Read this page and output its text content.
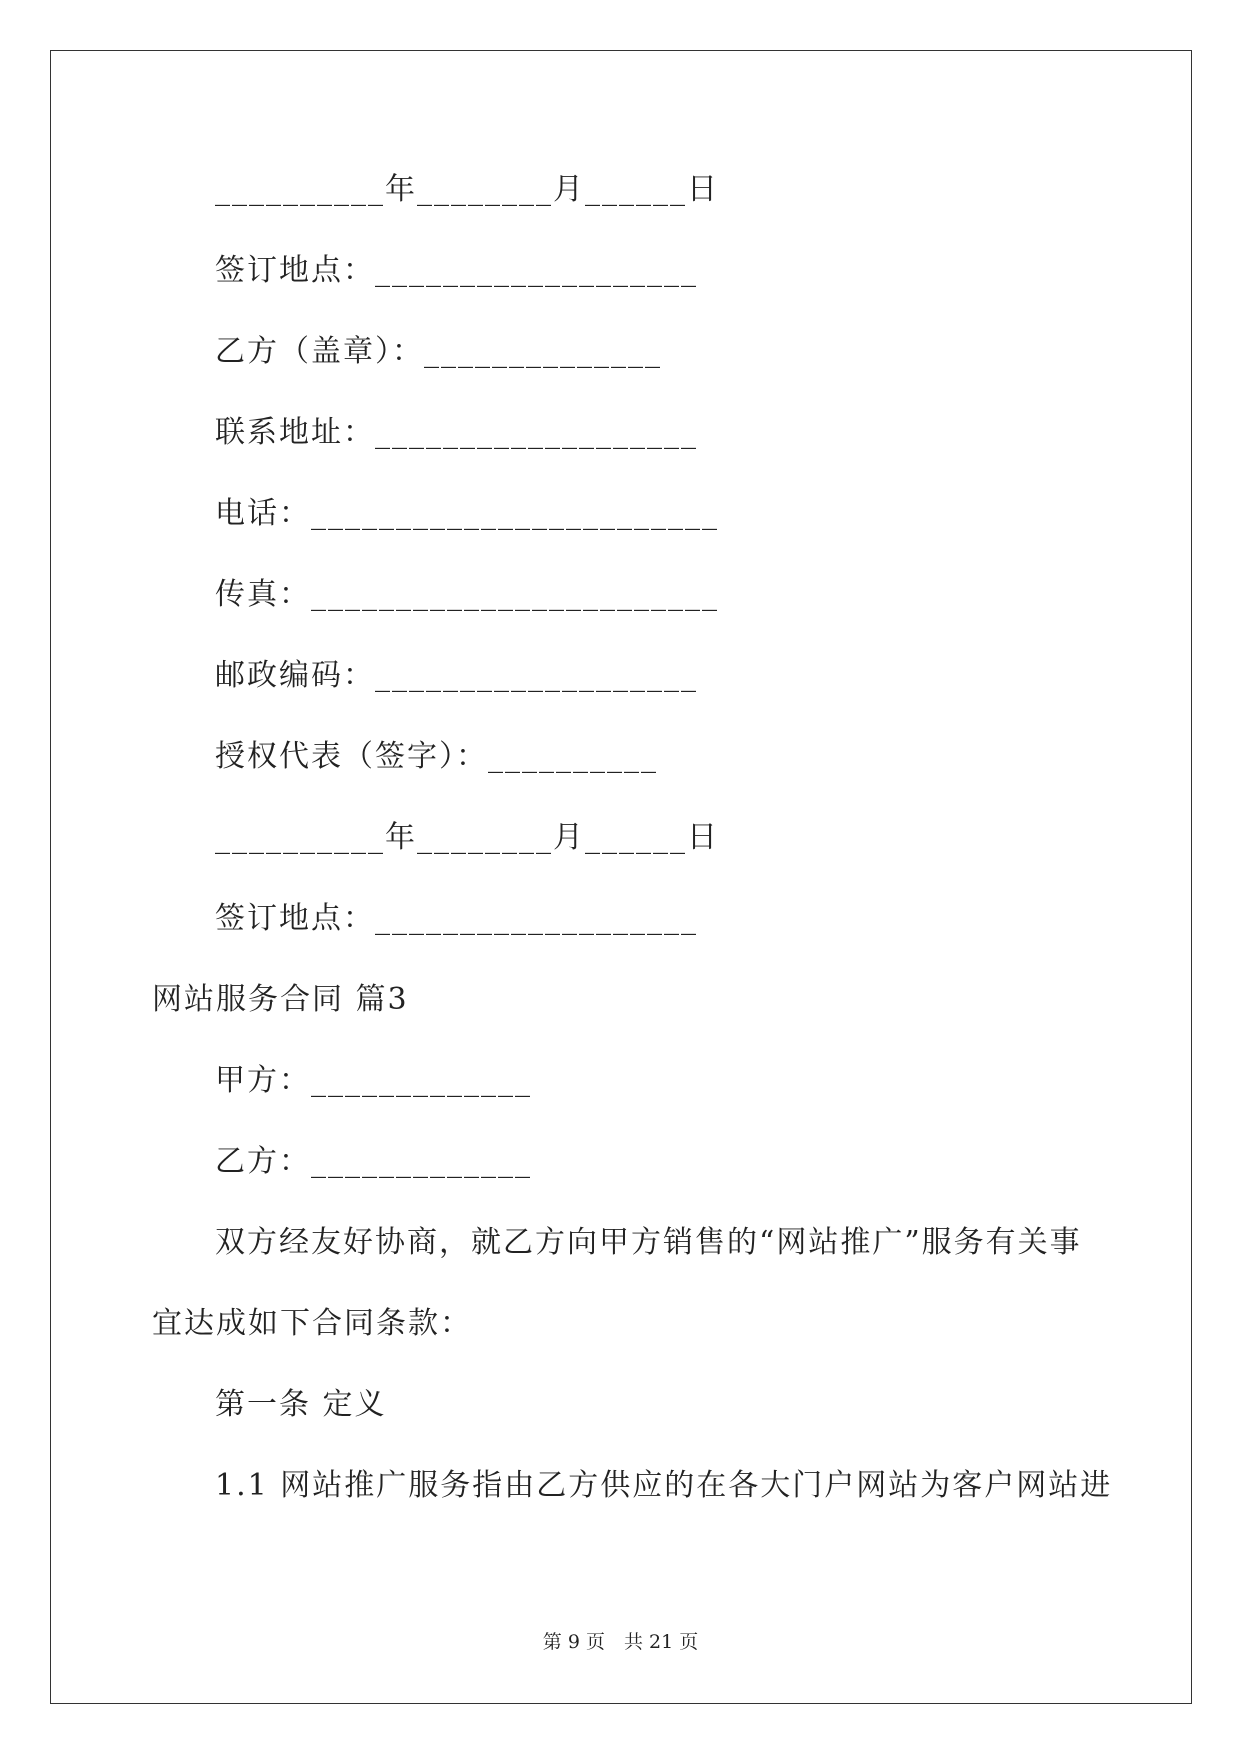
__________年________月______日
签订地点：___________________
乙方（盖章）：______________
联系地址：___________________
电话：________________________
传真：________________________
邮政编码：___________________
授权代表（签字）：__________
__________年________月______日
签订地点：___________________
网站服务合同 篇3
甲方：_____________
乙方：_____________
双方经友好协商，就乙方向甲方销售的“网站推广”服务有关事
宜达成如下合同条款：
第一条 定义
1.1 网站推广服务指由乙方供应的在各大门户网站为客户网站进
第 9 页　共 21 页
